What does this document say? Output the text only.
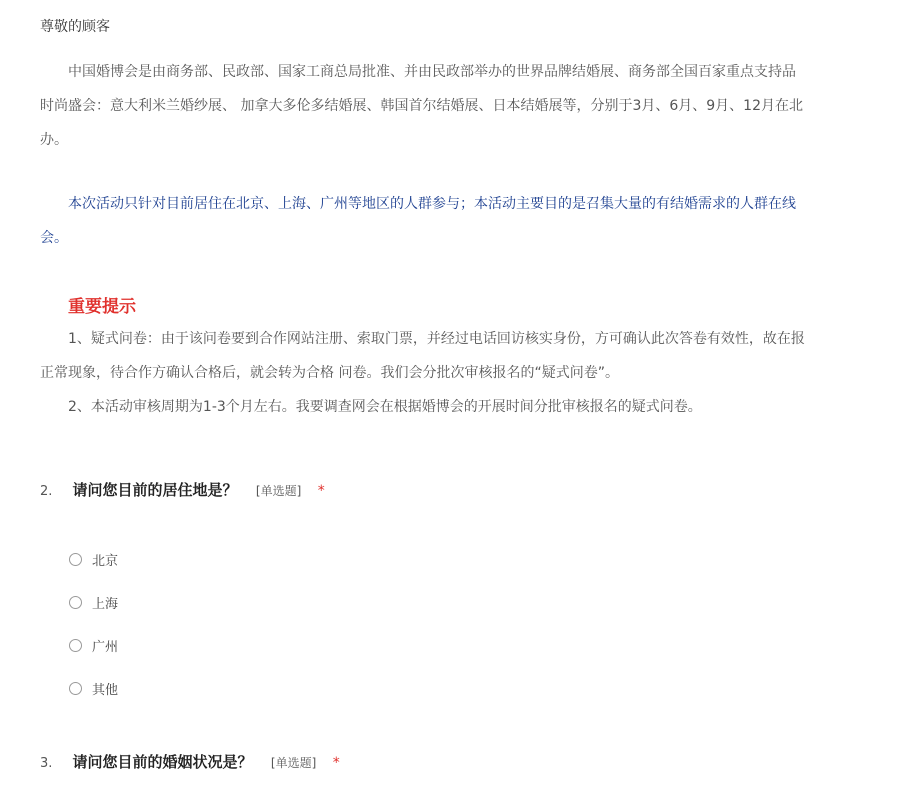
尊敬的顾客
中国婚博会是由商务部、民政部、国家工商总局批准、并由民政部举办的世界品牌结婚展、商务部全国百家重点支持品
时尚盛会：意大利米兰婚纱展、 加拿大多伦多结婚展、韩国首尔结婚展、日本结婚展等，分别于3月、6月、9月、12月在北
办。
本次活动只针对目前居住在北京、上海、广州等地区的人群参与；本活动主要目的是召集大量的有结婚需求的人群在线
会。
重要提示
1、疑式问卷：由于该问卷要到合作网站注册、索取门票，并经过电话回访核实身份，方可确认此次答卷有效性，故在报
正常现象，待合作方确认合格后，就会转为合格 问卷。我们会分批次审核报名的“疑式问卷”。
2、本活动审核周期为1-3个月左右。我要调查网会在根据婚博会的开展时间分批审核报名的疑式问卷。
2. 请问您目前的居住地是？ [单选题] *
北京
上海
广州
其他
3. 请问您目前的婚姻状况是？ [单选题] *
